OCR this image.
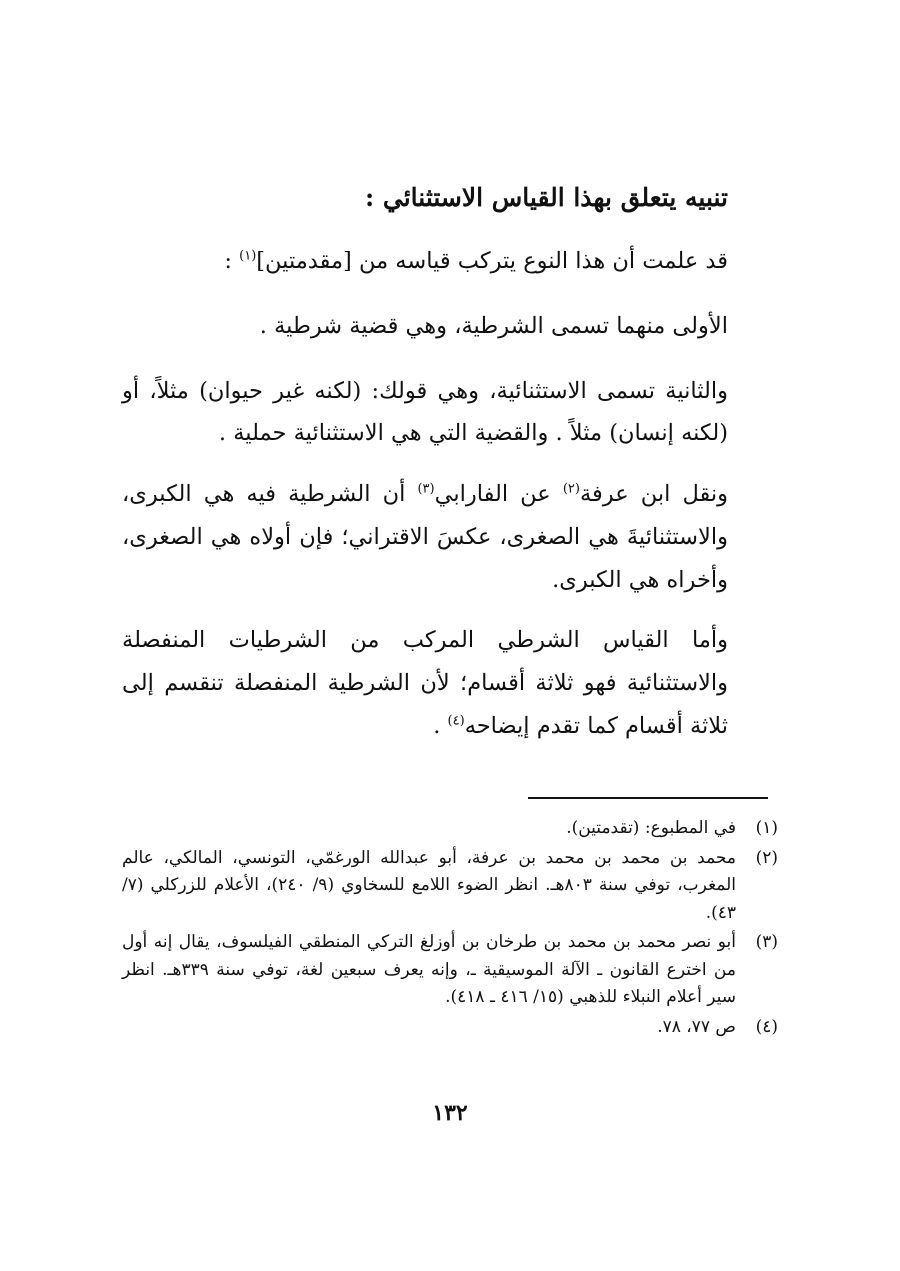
تنبيه يتعلق بهذا القياس الاستثنائي :

قد علمت أن هذا النوع يتركب قياسه من [مقدمتين]$^{(١)}$ :

الأولى منهما تسمى الشرطية، وهي قضية شرطية .

والثانية تسمى الاستثنائية، وهي قولك: (لكنه غير حيوان) مثلاً، أو (لكنه إنسان) مثلاً . والقضية التي هي الاستثنائية حملية .

ونقل ابن عرفة$^{(٢)}$ عن الفارابي$^{(٣)}$ أن الشرطية فيه هي الكبرى، والاستثنائيةَ هي الصغرى، عكسَ الاقتراني؛ فإن أولاه هي الصغرى، وأخراه هي الكبرى.

وأما القياس الشرطي المركب من الشرطيات المنفصلة والاستثنائية فهو ثلاثة أقسام؛ لأن الشرطية المنفصلة تنقسم إلى ثلاثة أقسام كما تقدم إيضاحه$^{(٤)}$ .

(١)
في المطبوع: (تقدمتين).
(٢)
محمد بن محمد بن محمد بن عرفة، أبو عبدالله الورغمّي، التونسي، المالكي، عالم المغرب، توفي سنة ٨٠٣هـ. انظر الضوء اللامع للسخاوي (٩/ ٢٤٠)، الأعلام للزركلي (٧/ ٤٣).
(٣)
أبو نصر محمد بن محمد بن طرخان بن أوزلغ التركي المنطقي الفيلسوف، يقال إنه أول من اخترع القانون ـ الآلة الموسيقية ـ، وإنه يعرف سبعين لغة، توفي سنة ٣٣٩هـ. انظر سير أعلام النبلاء للذهبي (١٥/ ٤١٦ ـ ٤١٨).
(٤)
ص ٧٧، ٧٨.
١٣٢
